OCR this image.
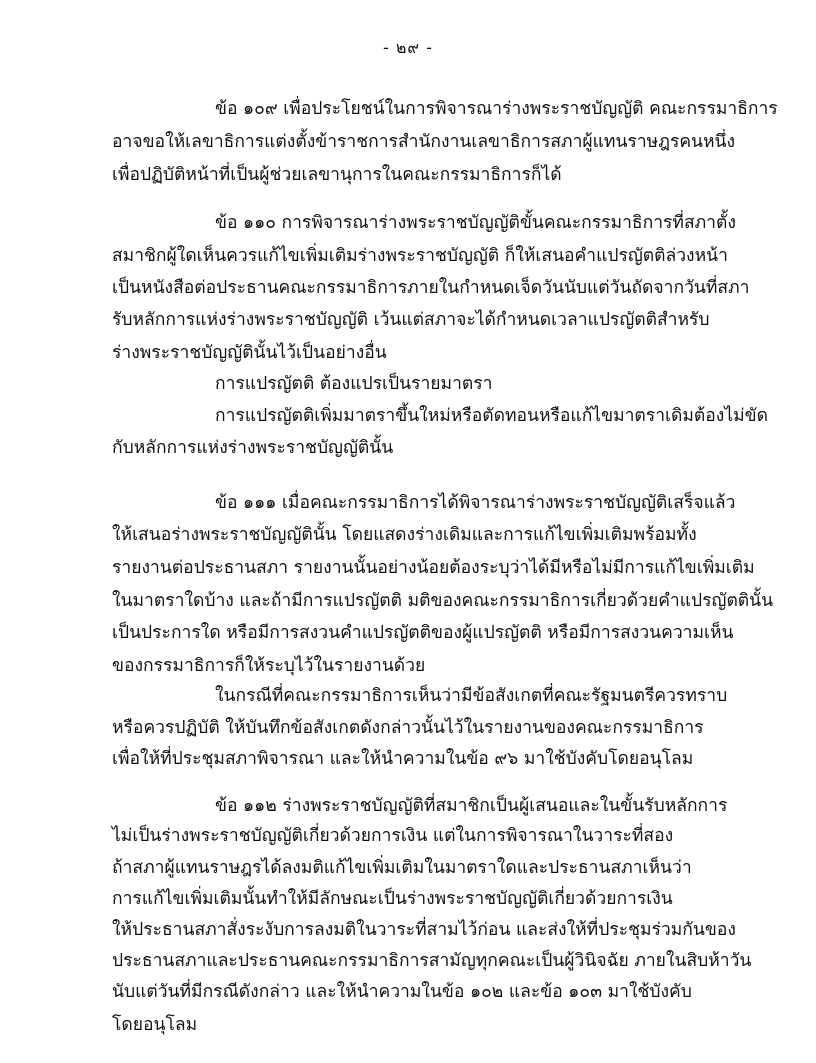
- ๒๙ -
ข้อ ๑๐๙ เพื่อประโยชน์ในการพิจารณาร่างพระราชบัญญัติ คณะกรรมาธิการ
อาจขอให้เลขาธิการแต่งตั้งข้าราชการสำนักงานเลขาธิการสภาผู้แทนราษฎรคนหนึ่ง
เพื่อปฏิบัติหน้าที่เป็นผู้ช่วยเลขานุการในคณะกรรมาธิการก็ได้
ข้อ ๑๑๐ การพิจารณาร่างพระราชบัญญัติขั้นคณะกรรมาธิการที่สภาตั้ง
สมาชิกผู้ใดเห็นควรแก้ไขเพิ่มเติมร่างพระราชบัญญัติ ก็ให้เสนอคำแปรญัตติล่วงหน้า
เป็นหนังสือต่อประธานคณะกรรมาธิการภายในกำหนดเจ็ดวันนับแต่วันถัดจากวันที่สภา
รับหลักการแห่งร่างพระราชบัญญัติ เว้นแต่สภาจะได้กำหนดเวลาแปรญัตติสำหรับ
ร่างพระราชบัญญัตินั้นไว้เป็นอย่างอื่น
การแปรญัตติ ต้องแปรเป็นรายมาตรา
การแปรญัตติเพิ่มมาตราขึ้นใหม่หรือตัดทอนหรือแก้ไขมาตราเดิมต้องไม่ขัด
กับหลักการแห่งร่างพระราชบัญญัตินั้น
ข้อ ๑๑๑ เมื่อคณะกรรมาธิการได้พิจารณาร่างพระราชบัญญัติเสร็จแล้ว
ให้เสนอร่างพระราชบัญญัตินั้น โดยแสดงร่างเดิมและการแก้ไขเพิ่มเติมพร้อมทั้ง
รายงานต่อประธานสภา รายงานนั้นอย่างน้อยต้องระบุว่าได้มีหรือไม่มีการแก้ไขเพิ่มเติม
ในมาตราใดบ้าง และถ้ามีการแปรญัตติ มติของคณะกรรมาธิการเกี่ยวด้วยคำแปรญัตตินั้น
เป็นประการใด หรือมีการสงวนคำแปรญัตติของผู้แปรญัตติ หรือมีการสงวนความเห็น
ของกรรมาธิการก็ให้ระบุไว้ในรายงานด้วย
ในกรณีที่คณะกรรมาธิการเห็นว่ามีข้อสังเกตที่คณะรัฐมนตรีควรทราบ
หรือควรปฏิบัติ ให้บันทึกข้อสังเกตดังกล่าวนั้นไว้ในรายงานของคณะกรรมาธิการ
เพื่อให้ที่ประชุมสภาพิจารณา และให้นำความในข้อ ๙๖ มาใช้บังคับโดยอนุโลม
ข้อ ๑๑๒ ร่างพระราชบัญญัติที่สมาชิกเป็นผู้เสนอและในขั้นรับหลักการ
ไม่เป็นร่างพระราชบัญญัติเกี่ยวด้วยการเงิน แต่ในการพิจารณาในวาระที่สอง
ถ้าสภาผู้แทนราษฎรได้ลงมติแก้ไขเพิ่มเติมในมาตราใดและประธานสภาเห็นว่า
การแก้ไขเพิ่มเติมนั้นทำให้มีลักษณะเป็นร่างพระราชบัญญัติเกี่ยวด้วยการเงิน
ให้ประธานสภาสั่งระงับการลงมติในวาระที่สามไว้ก่อน และส่งให้ที่ประชุมร่วมกันของ
ประธานสภาและประธานคณะกรรมาธิการสามัญทุกคณะเป็นผู้วินิจฉัย ภายในสิบห้าวัน
นับแต่วันที่มีกรณีดังกล่าว และให้นำความในข้อ ๑๐๒ และข้อ ๑๐๓ มาใช้บังคับ
โดยอนุโลม
